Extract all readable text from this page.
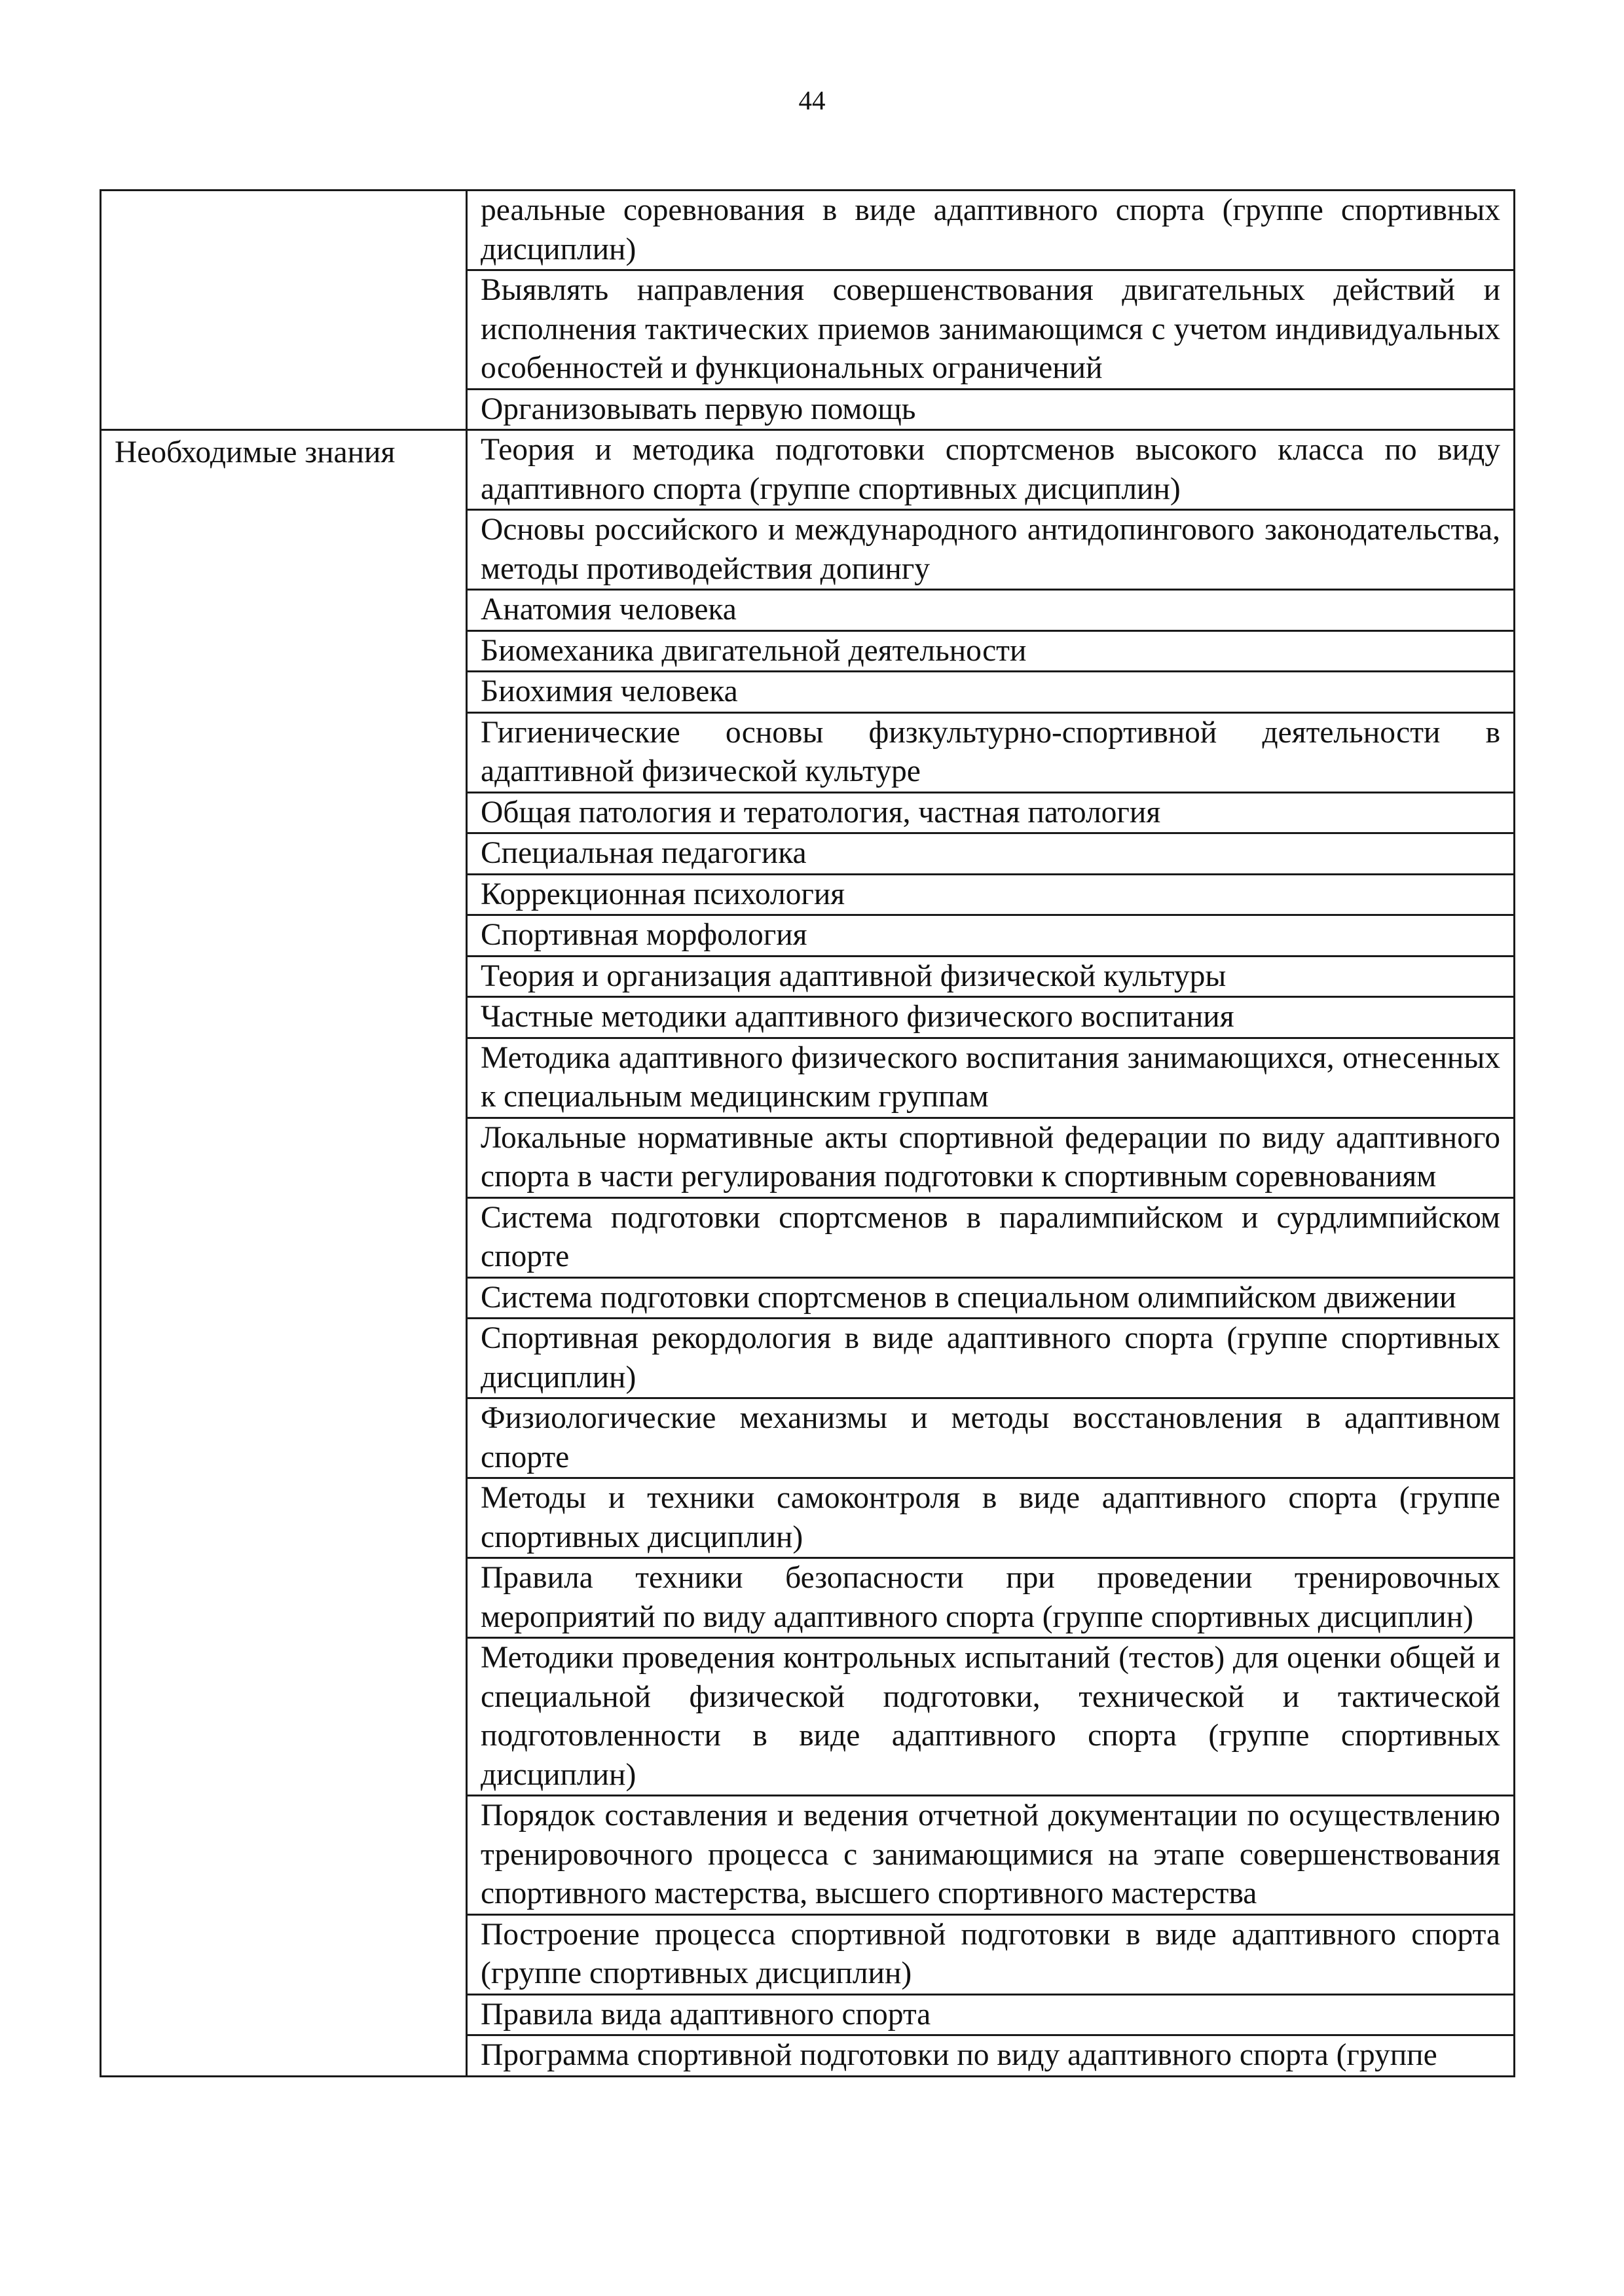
44
	реальные соревнования в виде адаптивного спорта (группе спортивных дисциплин)
	Выявлять направления совершенствования двигательных действий и исполнения тактических приемов занимающимся с учетом индивидуальных особенностей и функциональных ограничений
	Организовывать первую помощь
Необходимые знания	Теория и методика подготовки спортсменов высокого класса по виду адаптивного спорта (группе спортивных дисциплин)
	Основы российского и международного антидопингового законодательства, методы противодействия допингу
	Анатомия человека
	Биомеханика двигательной деятельности
	Биохимия человека
	Гигиенические основы физкультурно-спортивной деятельности в адаптивной физической культуре
	Общая патология и тератология, частная патология
	Специальная педагогика
	Коррекционная психология
	Спортивная морфология
	Теория и организация адаптивной физической культуры
	Частные методики адаптивного физического воспитания
	Методика адаптивного физического воспитания занимающихся, отнесенных к специальным медицинским группам
	Локальные нормативные акты спортивной федерации по виду адаптивного спорта в части регулирования подготовки к спортивным соревнованиям
	Система подготовки спортсменов в паралимпийском и сурдлимпийском спорте
	Система подготовки спортсменов в специальном олимпийском движении
	Спортивная рекордология в виде адаптивного спорта (группе спортивных дисциплин)
	Физиологические механизмы и методы восстановления в адаптивном спорте
	Методы и техники самоконтроля в виде адаптивного спорта (группе спортивных дисциплин)
	Правила техники безопасности при проведении тренировочных мероприятий по виду адаптивного спорта (группе спортивных дисциплин)
	Методики проведения контрольных испытаний (тестов) для оценки общей и специальной физической подготовки, технической и тактической подготовленности в виде адаптивного спорта (группе спортивных дисциплин)
	Порядок составления и ведения отчетной документации по осуществлению тренировочного процесса с занимающимися на этапе совершенствования спортивного мастерства, высшего спортивного мастерства
	Построение процесса спортивной подготовки в виде адаптивного спорта (группе спортивных дисциплин)
	Правила вида адаптивного спорта
	Программа спортивной подготовки по виду адаптивного спорта (группе
